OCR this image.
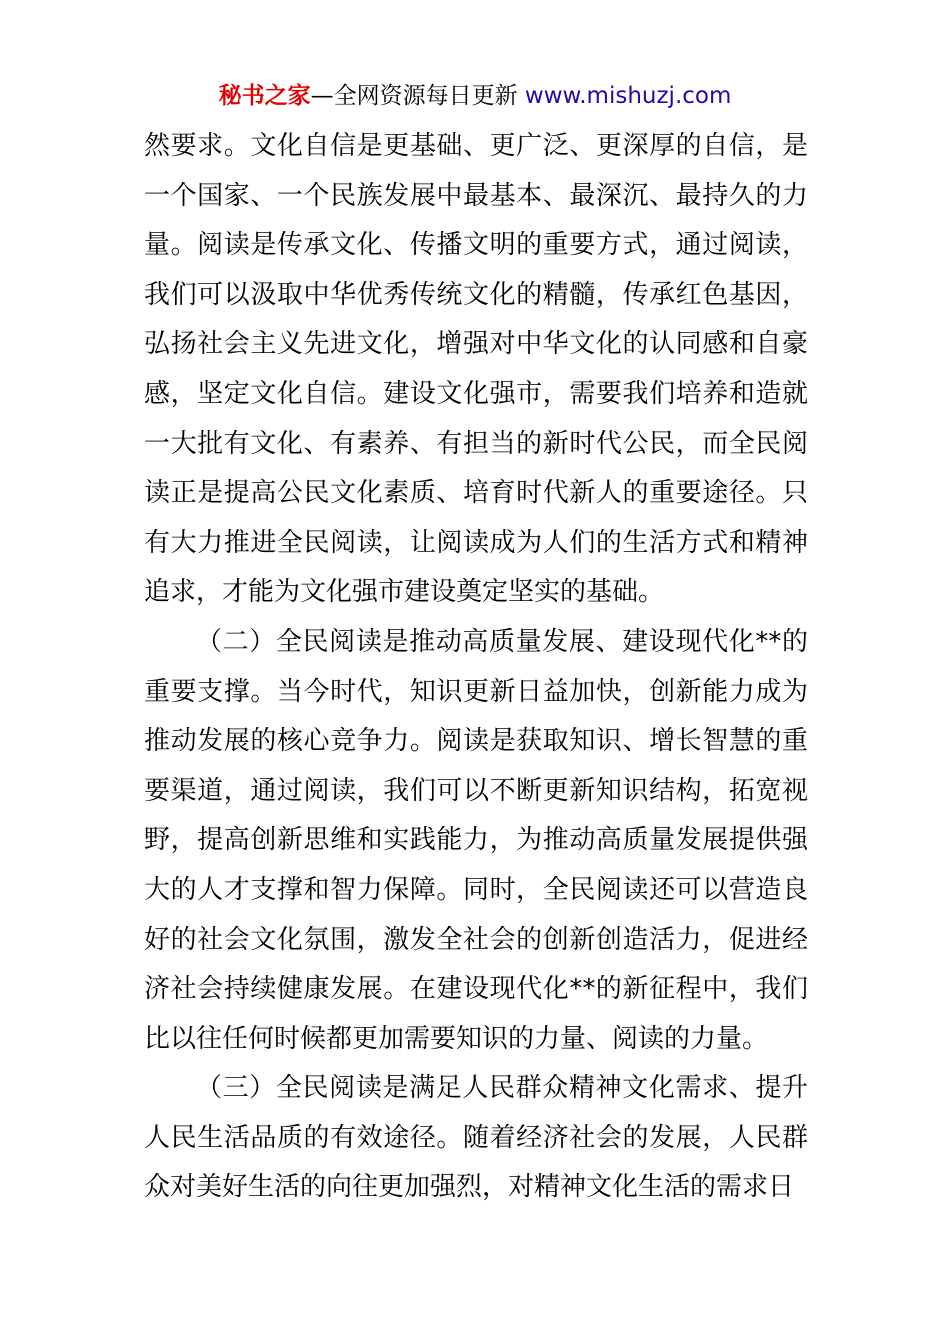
秘书之家—全网资源每日更新 www.mishuzj.com

然要求。文化自信是更基础、更广泛、更深厚的自信，是一个国家、一个民族发展中最基本、最深沉、最持久的力量。阅读是传承文化、传播文明的重要方式，通过阅读，我们可以汲取中华优秀传统文化的精髓，传承红色基因，弘扬社会主义先进文化，增强对中华文化的认同感和自豪感，坚定文化自信。建设文化强市，需要我们培养和造就一大批有文化、有素养、有担当的新时代公民，而全民阅读正是提高公民文化素质、培育时代新人的重要途径。只有大力推进全民阅读，让阅读成为人们的生活方式和精神追求，才能为文化强市建设奠定坚实的基础。

（二）全民阅读是推动高质量发展、建设现代化**的重要支撑。当今时代，知识更新日益加快，创新能力成为推动发展的核心竞争力。阅读是获取知识、增长智慧的重要渠道，通过阅读，我们可以不断更新知识结构，拓宽视野，提高创新思维和实践能力，为推动高质量发展提供强大的人才支撑和智力保障。同时，全民阅读还可以营造良好的社会文化氛围，激发全社会的创新创造活力，促进经济社会持续健康发展。在建设现代化**的新征程中，我们比以往任何时候都更加需要知识的力量、阅读的力量。

（三）全民阅读是满足人民群众精神文化需求、提升人民生活品质的有效途径。随着经济社会的发展，人民群众对美好生活的向往更加强烈，对精神文化生活的需求日
